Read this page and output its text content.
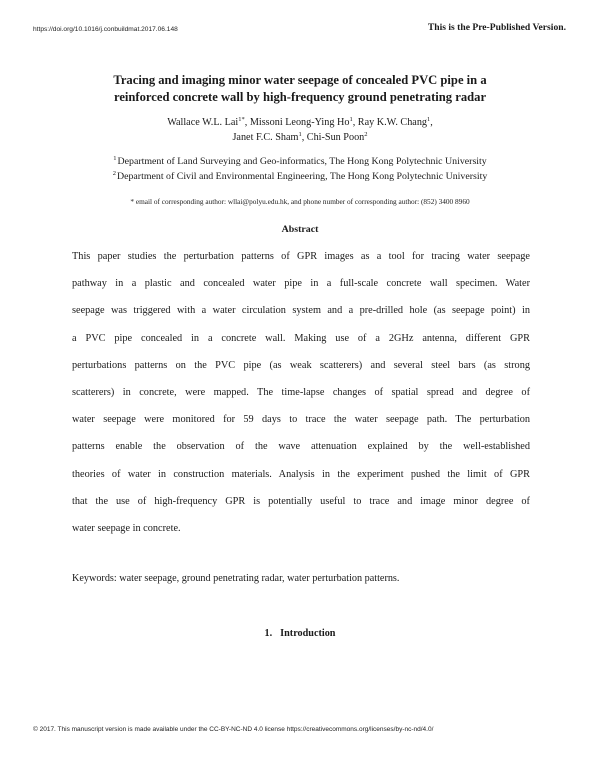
https://doi.org/10.1016/j.conbuildmat.2017.06.148	This is the Pre-Published Version.
Tracing and imaging minor water seepage of concealed PVC pipe in a
reinforced concrete wall by high-frequency ground penetrating radar
Wallace W.L. Lai$^{1*}$, Missoni Leong-Ying Ho$^1$, Ray K.W. Chang$^1$,
Janet F.C. Sham$^1$, Chi-Sun Poon$^2$
$^1$Department of Land Surveying and Geo-informatics, The Hong Kong Polytechnic University
$^2$Department of Civil and Environmental Engineering, The Hong Kong Polytechnic University
* email of corresponding author: wllai@polyu.edu.hk, and phone number of corresponding author: (852) 3400 8960
Abstract
This paper studies the perturbation patterns of GPR images as a tool for tracing water seepage
pathway in a plastic and concealed water pipe in a full-scale concrete wall specimen. Water
seepage was triggered with a water circulation system and a pre-drilled hole (as seepage point) in
a PVC pipe concealed in a concrete wall. Making use of a 2GHz antenna, different GPR
perturbations patterns on the PVC pipe (as weak scatterers) and several steel bars (as strong
scatterers) in concrete, were mapped. The time-lapse changes of spatial spread and degree of
water seepage were monitored for 59 days to trace the water seepage path. The perturbation
patterns enable the observation of the wave attenuation explained by the well-established
theories of water in construction materials. Analysis in the experiment pushed the limit of GPR
that the use of high-frequency GPR is potentially useful to trace and image minor degree of
water seepage in concrete.
Keywords: water seepage, ground penetrating radar, water perturbation patterns.
1. Introduction
© 2017. This manuscript version is made available under the CC-BY-NC-ND 4.0 license https://creativecommons.org/licenses/by-nc-nd/4.0/
